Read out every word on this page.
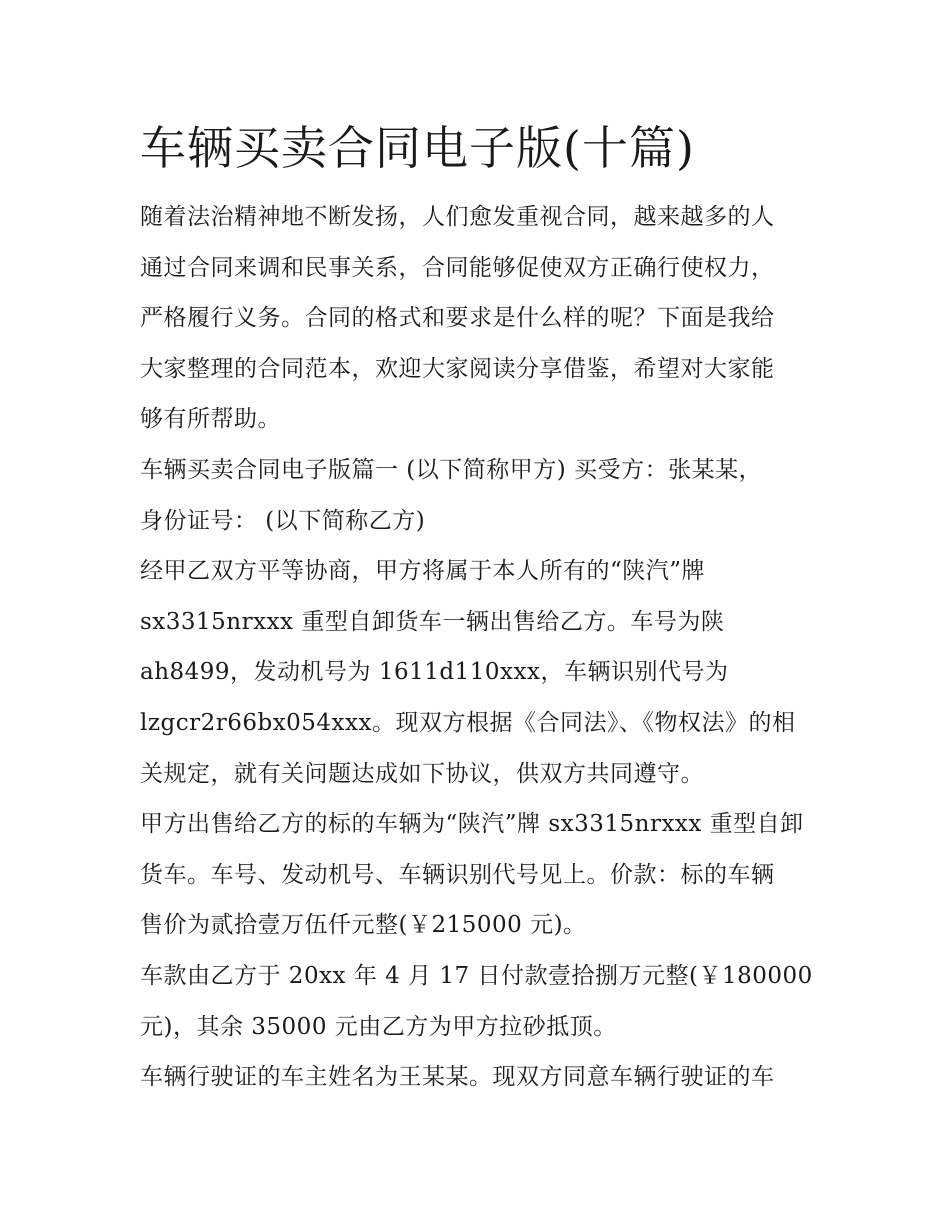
车辆买卖合同电子版(十篇)

随着法治精神地不断发扬，人们愈发重视合同，越来越多的人
通过合同来调和民事关系，合同能够促使双方正确行使权力，
严格履行义务。合同的格式和要求是什么样的呢？下面是我给
大家整理的合同范本，欢迎大家阅读分享借鉴，希望对大家能
够有所帮助。

车辆买卖合同电子版篇一 (以下简称甲方) 买受方：张某某，
身份证号： (以下简称乙方)

经甲乙双方平等协商，甲方将属于本人所有的“陕汽”牌
sx3315nrxxx 重型自卸货车一辆出售给乙方。车号为陕
ah8499，发动机号为 1611d110xxx，车辆识别代号为
lzgcr2r66bx054xxx。现双方根据《合同法》、《物权法》的相
关规定，就有关问题达成如下协议，供双方共同遵守。

甲方出售给乙方的标的车辆为“陕汽”牌 sx3315nrxxx 重型自卸
货车。车号、发动机号、车辆识别代号见上。价款：标的车辆
售价为贰拾壹万伍仟元整(￥215000 元)。

车款由乙方于 20xx 年 4 月 17 日付款壹拾捌万元整(￥180000
元)，其余 35000 元由乙方为甲方拉砂抵顶。

车辆行驶证的车主姓名为王某某。现双方同意车辆行驶证的车
